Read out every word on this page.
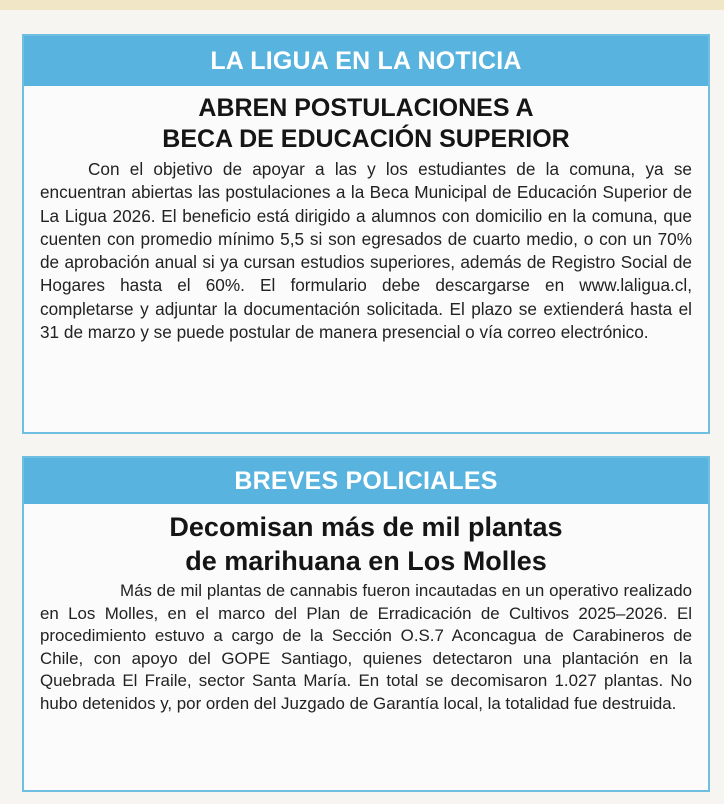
LA LIGUA EN LA NOTICIA
ABREN POSTULACIONES A
BECA DE EDUCACIÓN SUPERIOR

Con el objetivo de apoyar a las y los estudiantes de la comuna, ya se encuentran abiertas las postulaciones a la Beca Municipal de Educación Superior de La Ligua 2026. El beneficio está dirigido a alumnos con domicilio en la comuna, que cuenten con promedio mínimo 5,5 si son egresados de cuarto medio, o con un 70% de aprobación anual si ya cursan estudios superiores, además de Registro Social de Hogares hasta el 60%. El formulario debe descargarse en www.laligua.cl, completarse y adjuntar la documentación solicitada. El plazo se extienderá hasta el 31 de marzo y se puede postular de manera presencial o vía correo electrónico.

BREVES POLICIALES
Decomisan más de mil plantas
de marihuana en Los Molles

Más de mil plantas de cannabis fueron incautadas en un operativo realizado en Los Molles, en el marco del Plan de Erradicación de Cultivos 2025–2026. El procedimiento estuvo a cargo de la Sección O.S.7 Aconcagua de Carabineros de Chile, con apoyo del GOPE Santiago, quienes detectaron una plantación en la Quebrada El Fraile, sector Santa María. En total se decomisaron 1.027 plantas. No hubo detenidos y, por orden del Juzgado de Garantía local, la totalidad fue destruida.
